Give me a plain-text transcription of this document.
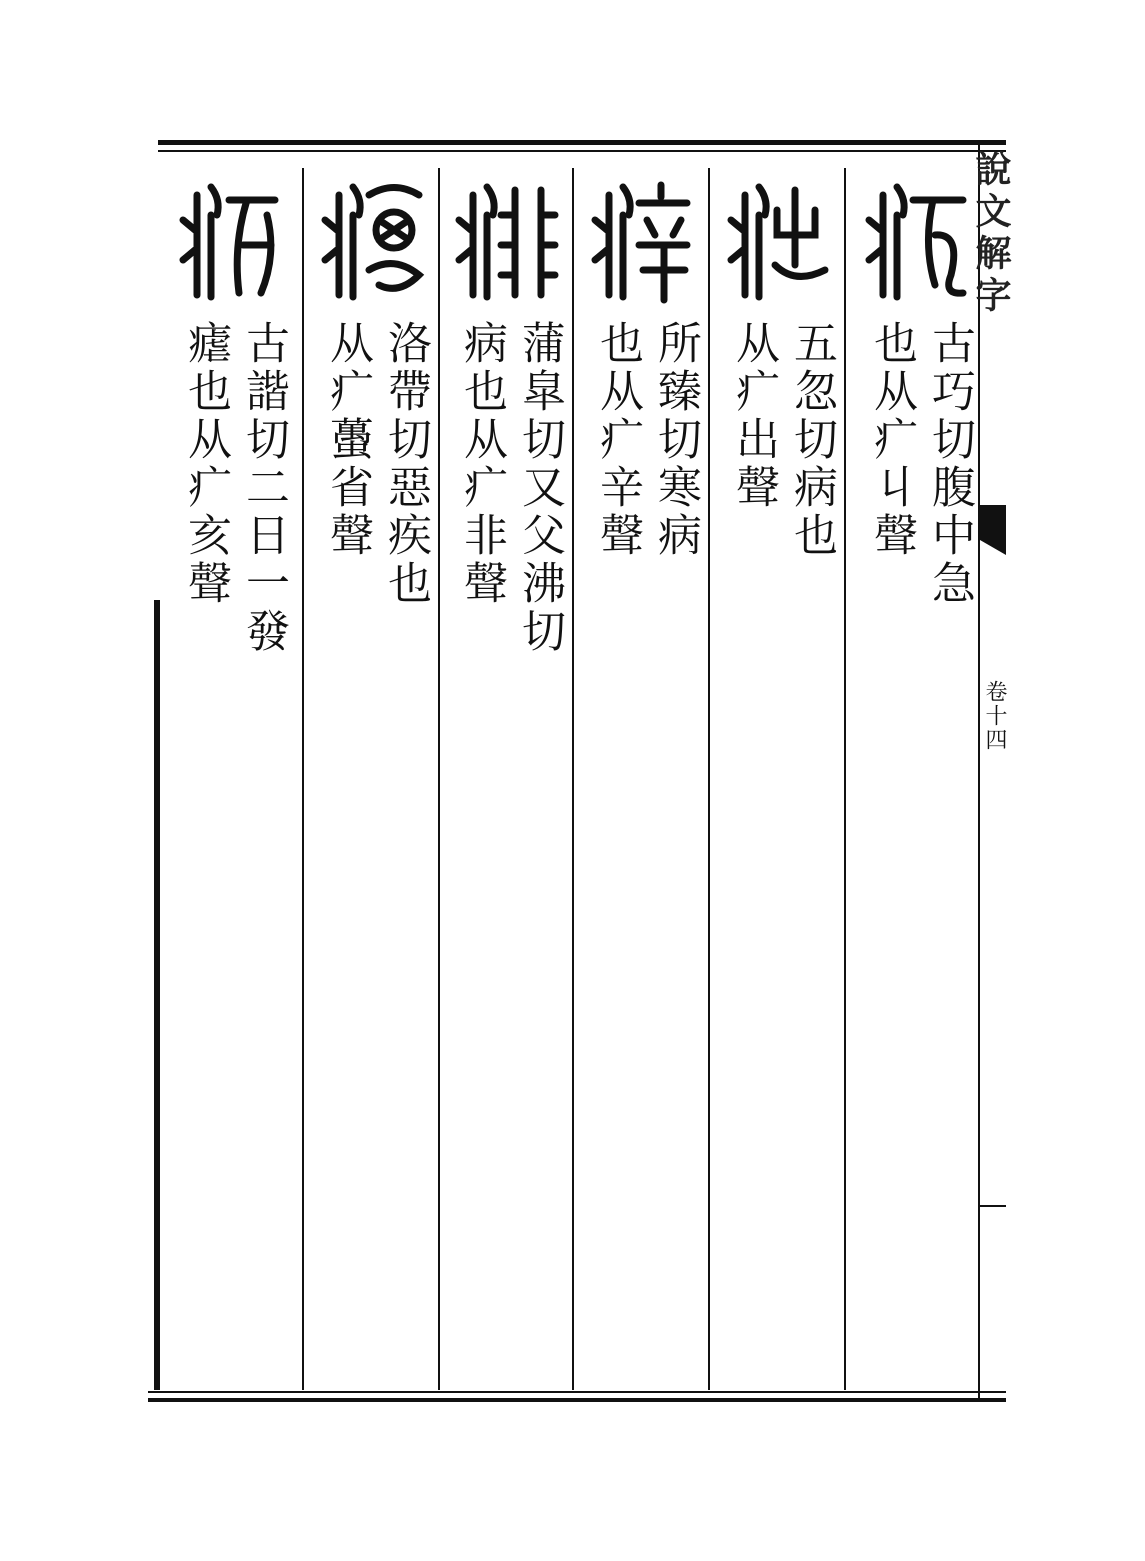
古巧切腹中急
也从疒丩聲
五忽切病也
从疒出聲
所臻切寒病
也从疒辛聲
蒲皐切又父沸切
病也从疒非聲
洛帶切惡疾也
从疒蠆省聲
古諧切二日一發
瘧也从疒亥聲
說文解字
卷十四
